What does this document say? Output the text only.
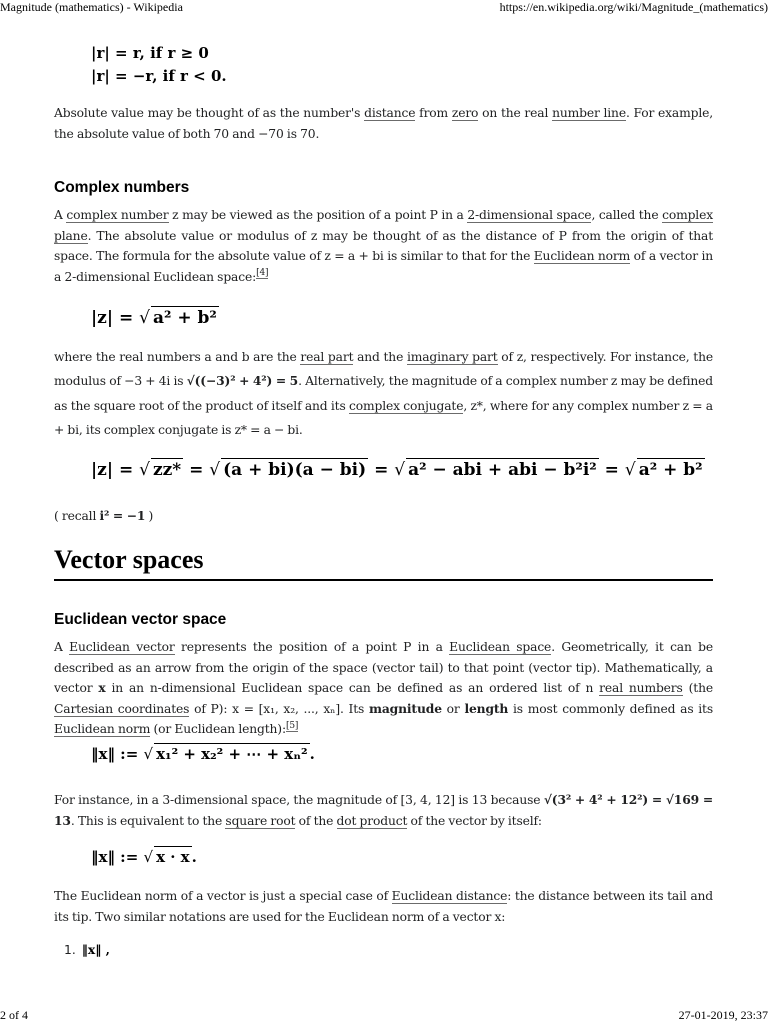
Magnitude (mathematics) - Wikipedia	https://en.wikipedia.org/wiki/Magnitude_(mathematics)
|r| = r, if r ≥ 0
|r| = −r, if r < 0.
Absolute value may be thought of as the number's distance from zero on the real number line. For example, the absolute value of both 70 and −70 is 70.
Complex numbers
A complex number z may be viewed as the position of a point P in a 2-dimensional space, called the complex plane. The absolute value or modulus of z may be thought of as the distance of P from the origin of that space. The formula for the absolute value of z = a + bi is similar to that for the Euclidean norm of a vector in a 2-dimensional Euclidean space:[4]
|z| = √ a² + b²
where the real numbers a and b are the real part and the imaginary part of z, respectively. For instance, the modulus of −3 + 4i is √((−3)² + 4²) = 5. Alternatively, the magnitude of a complex number z may be defined as the square root of the product of itself and its complex conjugate, z*, where for any complex number z = a + bi, its complex conjugate is z* = a − bi.
|z| = √ zz* = √ (a + bi)(a − bi) = √ a² − abi + abi − b²i² = √ a² + b²
( recall i² = −1 )
Vector spaces
Euclidean vector space
A Euclidean vector represents the position of a point P in a Euclidean space. Geometrically, it can be described as an arrow from the origin of the space (vector tail) to that point (vector tip). Mathematically, a vector x in an n-dimensional Euclidean space can be defined as an ordered list of n real numbers (the Cartesian coordinates of P): x = [x₁, x₂, ..., xₙ]. Its magnitude or length is most commonly defined as its Euclidean norm (or Euclidean length):[5]
‖x‖ := √ x₁² + x₂² + ⋯ + xₙ² .
For instance, in a 3-dimensional space, the magnitude of [3, 4, 12] is 13 because √(3² + 4² + 12²) = √169 = 13. This is equivalent to the square root of the dot product of the vector by itself:
‖x‖ := √ x · x .
The Euclidean norm of a vector is just a special case of Euclidean distance: the distance between its tail and its tip. Two similar notations are used for the Euclidean norm of a vector x:
1. ‖x‖ ,
2 of 4	27-01-2019, 23:37
